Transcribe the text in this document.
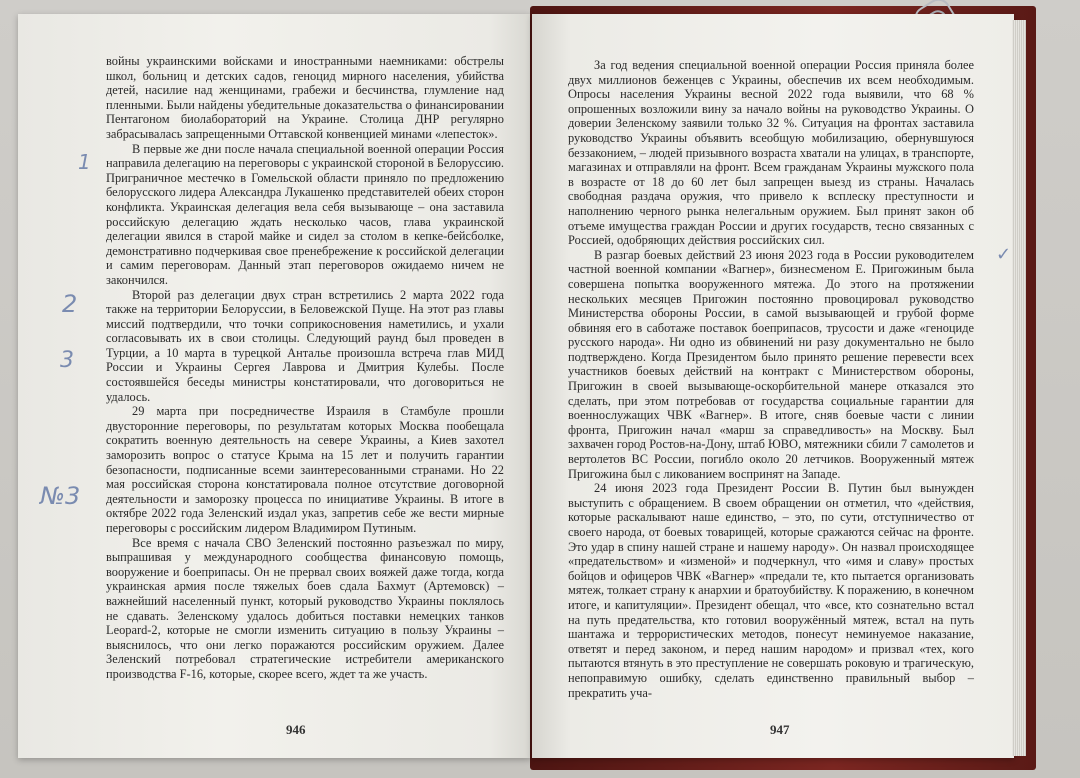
войны украинскими войсками и иностранными наемниками: обстрелы школ, больниц и детских садов, геноцид мирного населения, убийства детей, насилие над женщинами, грабежи и бесчинства, глумление над пленными. Были найдены убедительные доказательства о финансировании Пентагоном биолабораторий на Украине. Столица ДНР регулярно забрасывалась запрещенными Оттавской конвенцией минами «лепесток».

В первые же дни после начала специальной военной операции Россия направила делегацию на переговоры с украинской стороной в Белоруссию. Приграничное местечко в Гомельской области приняло по предложению белорусского лидера Александра Лукашенко представителей обеих сторон конфликта. Украинская делегация вела себя вызывающе – она заставила российскую делегацию ждать несколько часов, глава украинской делегации явился в старой майке и сидел за столом в кепке-бейсболке, демонстративно подчеркивая свое пренебрежение к российской делегации и самим переговорам. Данный этап переговоров ожидаемо ничем не закончился.

Второй раз делегации двух стран встретились 2 марта 2022 года также на территории Белоруссии, в Беловежской Пуще. На этот раз главы миссий подтвердили, что точки соприкосновения наметились, и ухали согласовывать их в свои столицы. Следующий раунд был проведен в Турции, а 10 марта в турецкой Анталье произошла встреча глав МИД России и Украины Сергея Лаврова и Дмитрия Кулебы. После состоявшейся беседы министры констатировали, что договориться не удалось.

29 марта при посредничестве Израиля в Стамбуле прошли двусторонние переговоры, по результатам которых Москва пообещала сократить военную деятельность на севере Украины, а Киев захотел заморозить вопрос о статусе Крыма на 15 лет и получить гарантии безопасности, подписанные всеми заинтересованными странами. Но 22 мая российская сторона констатировала полное отсутствие договорной деятельности и заморозку процесса по инициативе Украины. В итоге в октябре 2022 года Зеленский издал указ, запретив себе же вести мирные переговоры с российским лидером Владимиром Путиным.

Все время с начала СВО Зеленский постоянно разъезжал по миру, выпрашивая у международного сообщества финансовую помощь, вооружение и боеприпасы. Он не прервал своих вояжей даже тогда, когда украинская армия после тяжелых боев сдала Бахмут (Артемовск) – важнейший населенный пункт, который руководство Украины поклялось не сдавать. Зеленскому удалось добиться поставки немецких танков Leopard-2, которые не смогли изменить ситуацию в пользу Украины – выяснилось, что они легко поражаются российским оружием. Далее Зеленский потребовал стратегические истребители американского производства F-16, которые, скорее всего, ждет та же участь.

946

За год ведения специальной военной операции Россия приняла более двух миллионов беженцев с Украины, обеспечив их всем необходимым. Опросы населения Украины весной 2022 года выявили, что 68 % опрошенных возложили вину за начало войны на руководство Украины. О доверии Зеленскому заявили только 32 %. Ситуация на фронтах заставила руководство Украины объявить всеобщую мобилизацию, обернувшуюся беззаконием, – людей призывного возраста хватали на улицах, в транспорте, магазинах и отправляли на фронт. Всем гражданам Украины мужского пола в возрасте от 18 до 60 лет был запрещен выезд из страны. Началась свободная раздача оружия, что привело к всплеску преступности и наполнению черного рынка нелегальным оружием. Был принят закон об отъеме имущества граждан России и других государств, тесно связанных с Россией, одобряющих действия российских сил.

В разгар боевых действий 23 июня 2023 года в России руководителем частной военной компании «Вагнер», бизнесменом Е. Пригожиным была совершена попытка вооруженного мятежа. До этого на протяжении нескольких месяцев Пригожин постоянно провоцировал руководство Министерства обороны России, в самой вызывающей и грубой форме обвиняя его в саботаже поставок боеприпасов, трусости и даже «геноциде русского народа». Ни одно из обвинений ни разу документально не было подтверждено. Когда Президентом было принято решение перевести всех участников боевых действий на контракт с Министерством обороны, Пригожин в своей вызывающе-оскорбительной манере отказался это сделать, при этом потребовав от государства социальные гарантии для военнослужащих ЧВК «Вагнер». В итоге, сняв боевые части с линии фронта, Пригожин начал «марш за справедливость» на Москву. Был захвачен город Ростов-на-Дону, штаб ЮВО, мятежники сбили 7 самолетов и вертолетов ВС России, погибло около 20 летчиков. Вооруженный мятеж Пригожина был с ликованием воспринят на Западе.

24 июня 2023 года Президент России В. Путин был вынужден выступить с обращением. В своем обращении он отметил, что «действия, которые раскалывают наше единство, – это, по сути, отступничество от своего народа, от боевых товарищей, которые сражаются сейчас на фронте. Это удар в спину нашей стране и нашему народу». Он назвал происходящее «предательством» и «изменой» и подчеркнул, что «имя и славу» простых бойцов и офицеров ЧВК «Вагнер» «предали те, кто пытается организовать мятеж, толкает страну к анархии и братоубийству. К поражению, в конечном итоге, и капитуляции». Президент обещал, что «все, кто сознательно встал на путь предательства, кто готовил вооружённый мятеж, встал на путь шантажа и террористических методов, понесут неминуемое наказание, ответят и перед законом, и перед нашим народом» и призвал «тех, кого пытаются втянуть в это преступление не совершать роковую и трагическую, непоправимую ошибку, сделать единственно правильный выбор – прекратить уча-

947
1
2
3
№3
✓
